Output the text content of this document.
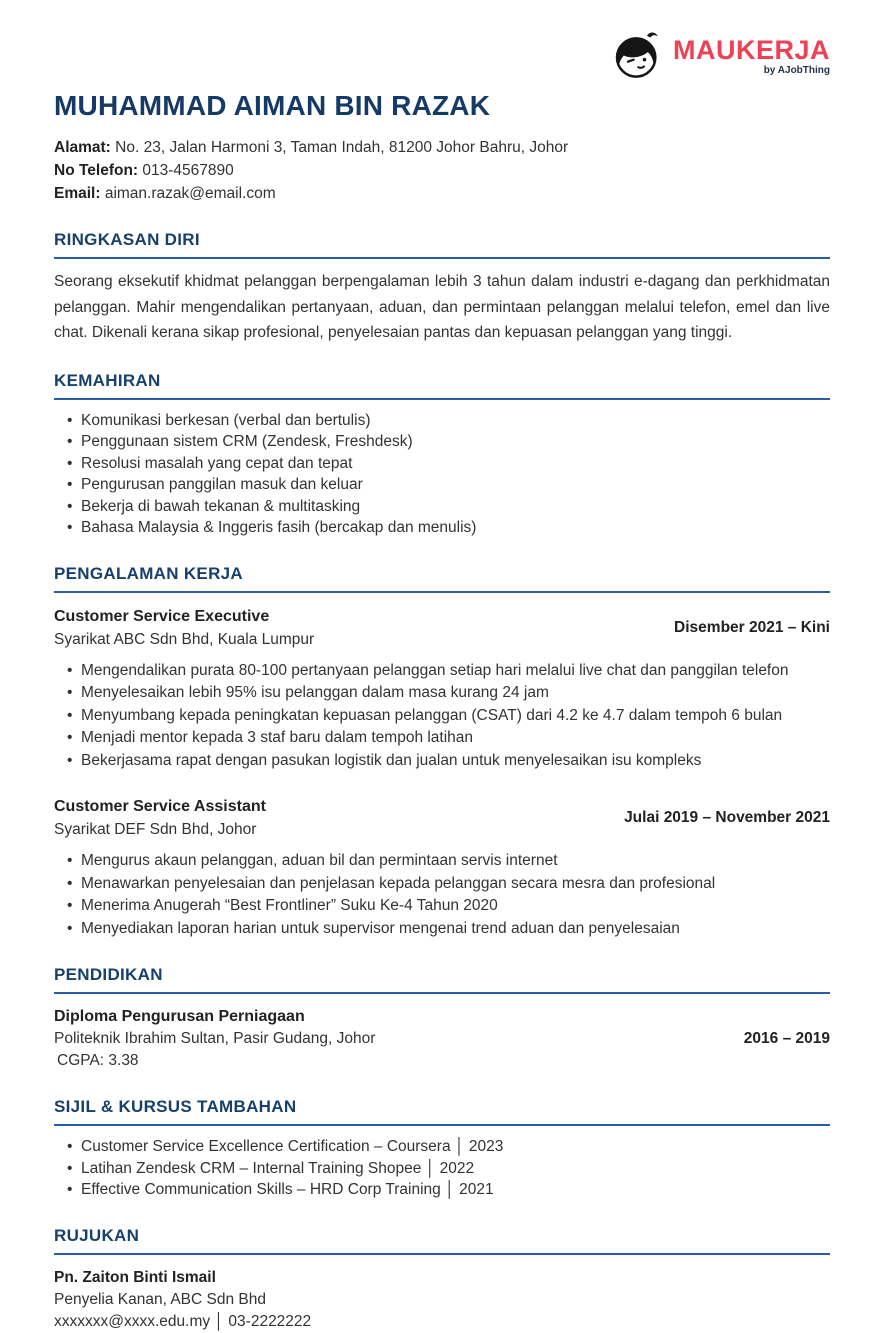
MAUKERJA
by AJobThing
MUHAMMAD AIMAN BIN RAZAK
Alamat: No. 23, Jalan Harmoni 3, Taman Indah, 81200 Johor Bahru, Johor
No Telefon: 013-4567890
Email: aiman.razak@email.com
RINGKASAN DIRI

Seorang eksekutif khidmat pelanggan berpengalaman lebih 3 tahun dalam industri e-dagang dan perkhidmatan pelanggan. Mahir mengendalikan pertanyaan, aduan, dan permintaan pelanggan melalui telefon, emel dan live chat. Dikenali kerana sikap profesional, penyelesaian pantas dan kepuasan pelanggan yang tinggi.

KEMAHIRAN
• Komunikasi berkesan (verbal dan bertulis)
• Penggunaan sistem CRM (Zendesk, Freshdesk)
• Resolusi masalah yang cepat dan tepat
• Pengurusan panggilan masuk dan keluar
• Bekerja di bawah tekanan & multitasking
• Bahasa Malaysia & Inggeris fasih (bercakap dan menulis)
PENGALAMAN KERJA
Customer Service Executive
Syarikat ABC Sdn Bhd, Kuala Lumpur
Disember 2021 – Kini
• Mengendalikan purata 80-100 pertanyaan pelanggan setiap hari melalui live chat dan panggilan telefon
• Menyelesaikan lebih 95% isu pelanggan dalam masa kurang 24 jam
• Menyumbang kepada peningkatan kepuasan pelanggan (CSAT) dari 4.2 ke 4.7 dalam tempoh 6 bulan
• Menjadi mentor kepada 3 staf baru dalam tempoh latihan
• Bekerjasama rapat dengan pasukan logistik dan jualan untuk menyelesaikan isu kompleks
Customer Service Assistant
Syarikat DEF Sdn Bhd, Johor
Julai 2019 – November 2021
• Mengurus akaun pelanggan, aduan bil dan permintaan servis internet
• Menawarkan penyelesaian dan penjelasan kepada pelanggan secara mesra dan profesional
• Menerima Anugerah “Best Frontliner” Suku Ke-4 Tahun 2020
• Menyediakan laporan harian untuk supervisor mengenai trend aduan dan penyelesaian
PENDIDIKAN
Diploma Pengurusan Perniagaan
Politeknik Ibrahim Sultan, Pasir Gudang, Johor
CGPA: 3.38
2016 – 2019
SIJIL & KURSUS TAMBAHAN
• Customer Service Excellence Certification – Coursera │ 2023
• Latihan Zendesk CRM – Internal Training Shopee │ 2022
• Effective Communication Skills – HRD Corp Training │ 2021
RUJUKAN
Pn. Zaiton Binti Ismail
Penyelia Kanan, ABC Sdn Bhd
xxxxxxx@xxxx.edu.my │ 03-2222222
